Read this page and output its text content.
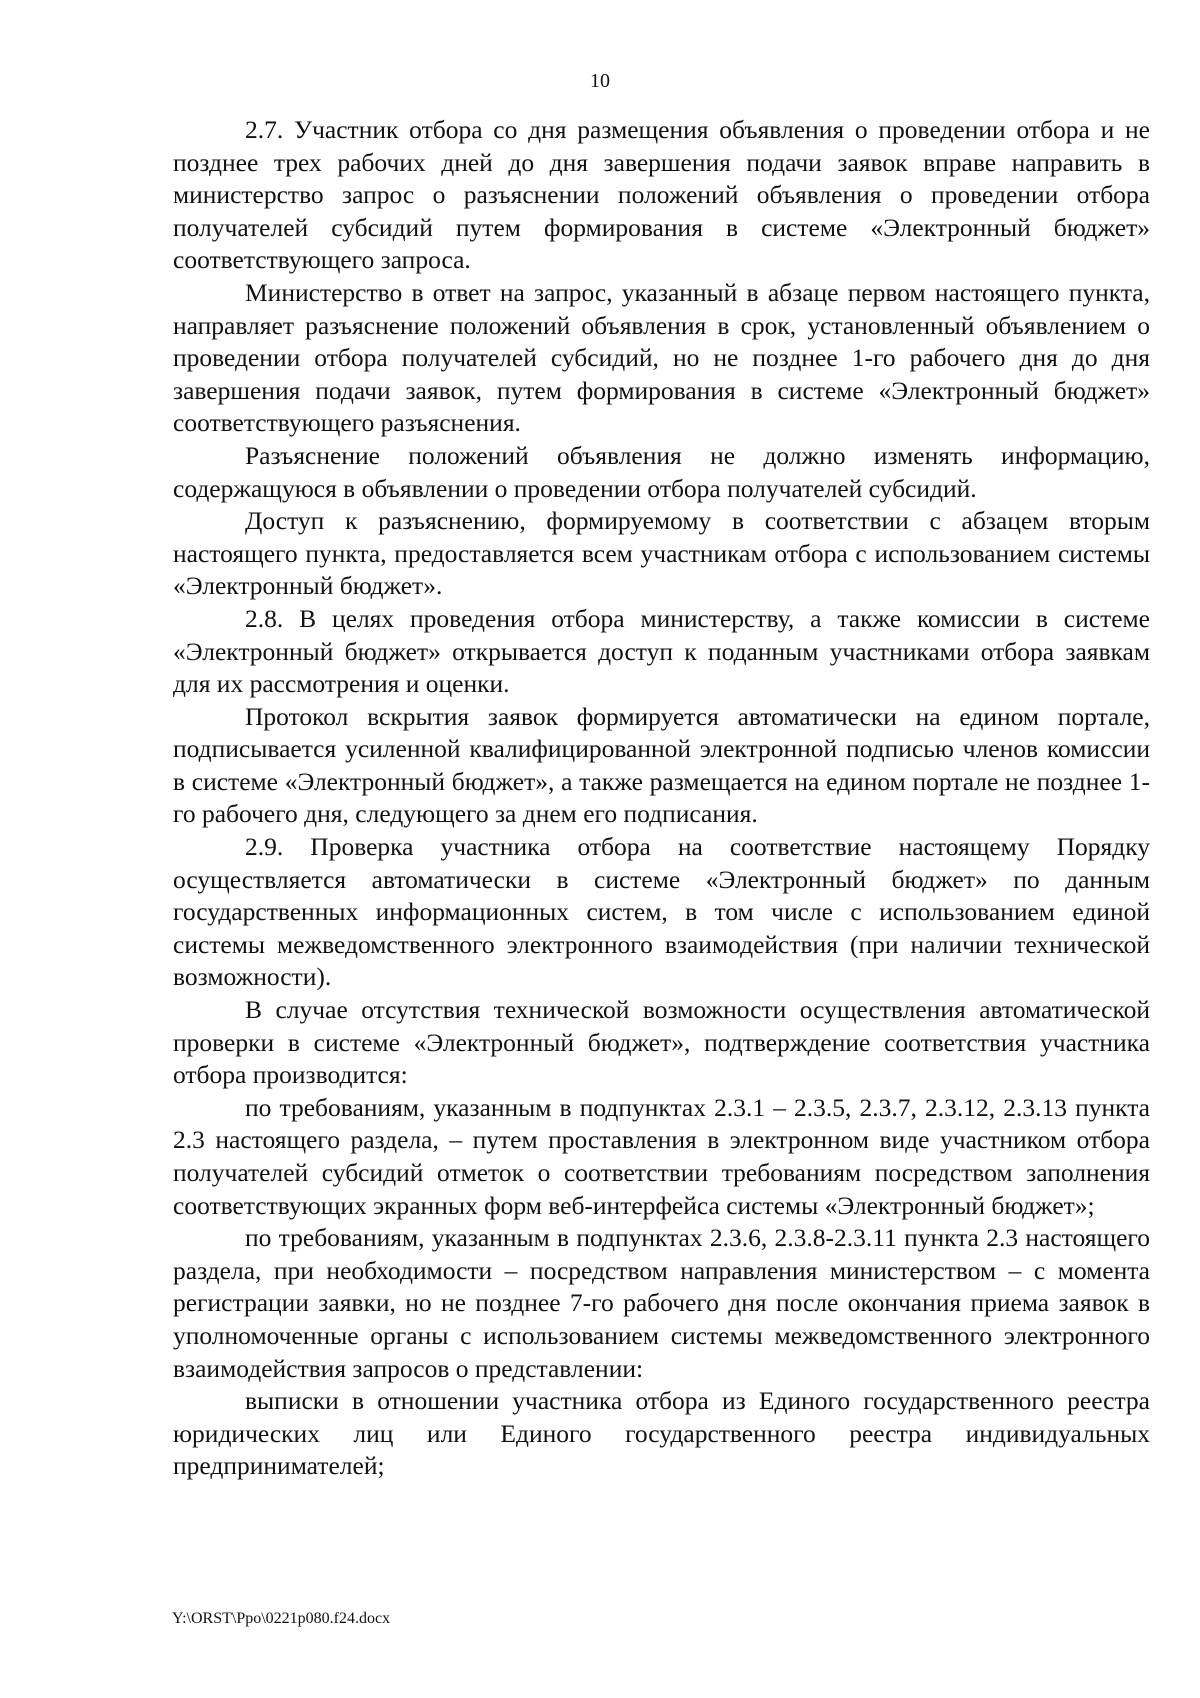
10

2.7. Участник отбора со дня размещения объявления о проведении отбора и не позднее трех рабочих дней до дня завершения подачи заявок вправе направить в министерство запрос о разъяснении положений объявления о проведении отбора получателей субсидий путем формирования в системе «Электронный бюджет» соответствующего запроса.

Министерство в ответ на запрос, указанный в абзаце первом настоящего пункта, направляет разъяснение положений объявления в срок, установленный объявлением о проведении отбора получателей субсидий, но не позднее 1-го рабочего дня до дня завершения подачи заявок, путем формирования в системе «Электронный бюджет» соответствующего разъяснения.

Разъяснение положений объявления не должно изменять информацию, содержащуюся в объявлении о проведении отбора получателей субсидий.

Доступ к разъяснению, формируемому в соответствии с абзацем вторым настоящего пункта, предоставляется всем участникам отбора с использованием системы «Электронный бюджет».

2.8. В целях проведения отбора министерству, а также комиссии в системе «Электронный бюджет» открывается доступ к поданным участниками отбора заявкам для их рассмотрения и оценки.

Протокол вскрытия заявок формируется автоматически на едином портале, подписывается усиленной квалифицированной электронной подписью членов комиссии в системе «Электронный бюджет», а также размещается на едином портале не позднее 1-го рабочего дня, следующего за днем его подписания.

2.9. Проверка участника отбора на соответствие настоящему Порядку осуществляется автоматически в системе «Электронный бюджет» по данным государственных информационных систем, в том числе с использованием единой системы межведомственного электронного взаимодействия (при наличии технической возможности).

В случае отсутствия технической возможности осуществления автоматической проверки в системе «Электронный бюджет», подтверждение соответствия участника отбора производится:

по требованиям, указанным в подпунктах 2.3.1 – 2.3.5, 2.3.7, 2.3.12, 2.3.13 пункта 2.3 настоящего раздела, – путем проставления в электронном виде участником отбора получателей субсидий отметок о соответствии требованиям посредством заполнения соответствующих экранных форм веб-интерфейса системы «Электронный бюджет»;

по требованиям, указанным в подпунктах 2.3.6, 2.3.8-2.3.11 пункта 2.3 настоящего раздела, при необходимости – посредством направления министерством – с момента регистрации заявки, но не позднее 7-го рабочего дня после окончания приема заявок в уполномоченные органы с использованием системы межведомственного электронного взаимодействия запросов о представлении:

выписки в отношении участника отбора из Единого государственного реестра юридических лиц или Единого государственного реестра индивидуальных предпринимателей;

Y:\ORST\Ppo\0221p080.f24.docx
